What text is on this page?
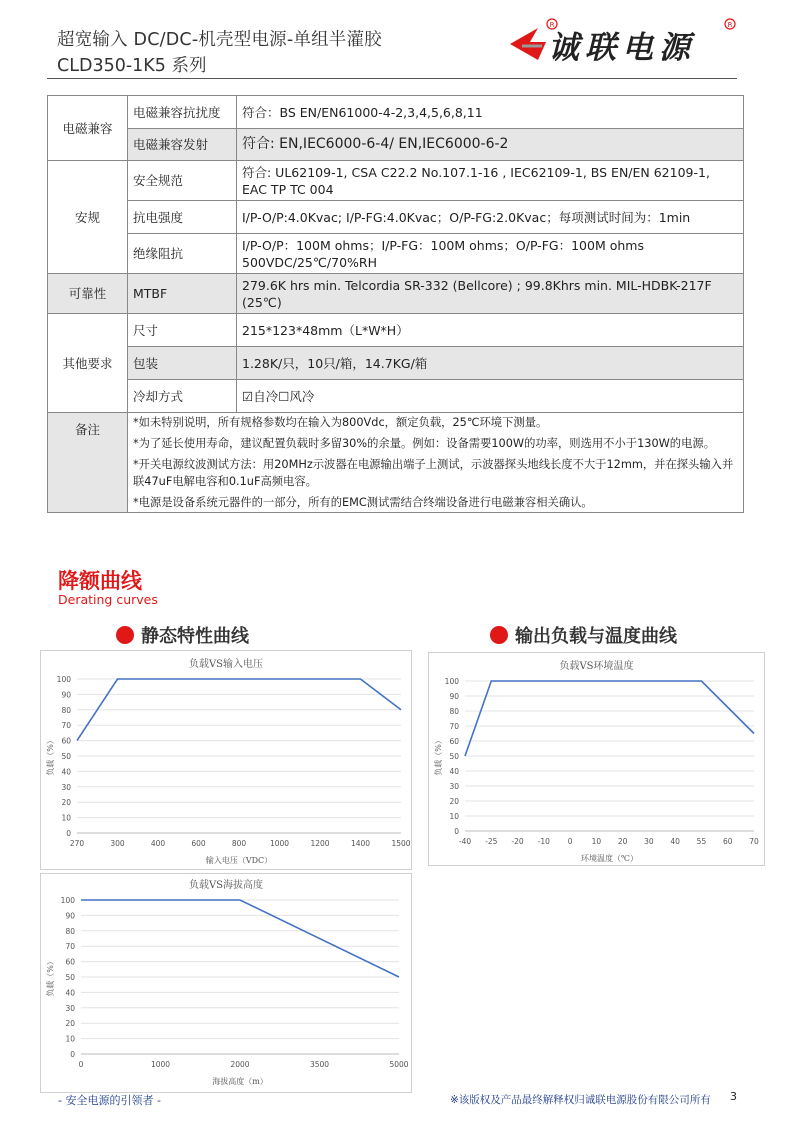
超宽输入 DC/DC-机壳型电源-单组半灌胶
CLD350-1K5 系列
R	R
诚联电源
电磁兼容	电磁兼容抗扰度	符合：BS EN/EN61000-4-2,3,4,5,6,8,11
	电磁兼容发射	符合: EN,IEC6000-6-4/ EN,IEC6000-6-2
安规	安全规范	符合: UL62109-1, CSA C22.2 No.107.1-16 , IEC62109-1, BS EN/EN 62109-1, EAC TP TC 004
	抗电强度	I/P-O/P:4.0Kvac; I/P-FG:4.0Kvac；O/P-FG:2.0Kvac；每项测试时间为：1min
	绝缘阻抗	I/P-O/P：100M ohms；I/P-FG：100M ohms；O/P-FG：100M ohms
500VDC/25℃/70%RH

可靠性	MTBF	279.6K hrs min. Telcordia SR-332 (Bellcore) ; 99.8Khrs min. MIL-HDBK-217F (25℃)
其他要求	尺寸	215*123*48mm（L*W*H）
	包装	1.28K/只，10只/箱，14.7KG/箱
	冷却方式	☑自冷☐风冷
备注	*如未特别说明，所有规格参数均在输入为800Vdc，额定负载，25℃环境下测量。

*为了延长使用寿命，建议配置负载时多留30%的余量。例如：设备需要100W的功率，则选用不小于130W的电源。

*开关电源纹波测试方法：用20MHz示波器在电源输出端子上测试，示波器探头地线长度不大于12mm，并在探头输入并联47uF电解电容和0.1uF高频电容。

*电源是设备系统元器件的一部分，所有的EMC测试需结合终端设备进行电磁兼容相关确认。	

降额曲线
Derating curves
静态特性曲线	输出负载与温度曲线
负载VS输入电压
0
10
20
30
40
50
60
70
80
90
100
270	300	400	600	800	1000	1200	1400	1500
输入电压（VDC）
负载（%）
负载VS环境温度
0
10
20
30
40
50
60
70
80
90
100
-40 -25 -20 -10 0	10 20 30 40 55 60 70
环境温度（℃）
负载（%）
负载VS海拔高度
0
10
20
30
40
50
60
70
80
90
100
0	1000	2000	3500	5000
海拔高度（m）
负载（%）
- 安全电源的引领者 -	※该版权及产品最终解释权归诚联电源股份有限公司所有 3
